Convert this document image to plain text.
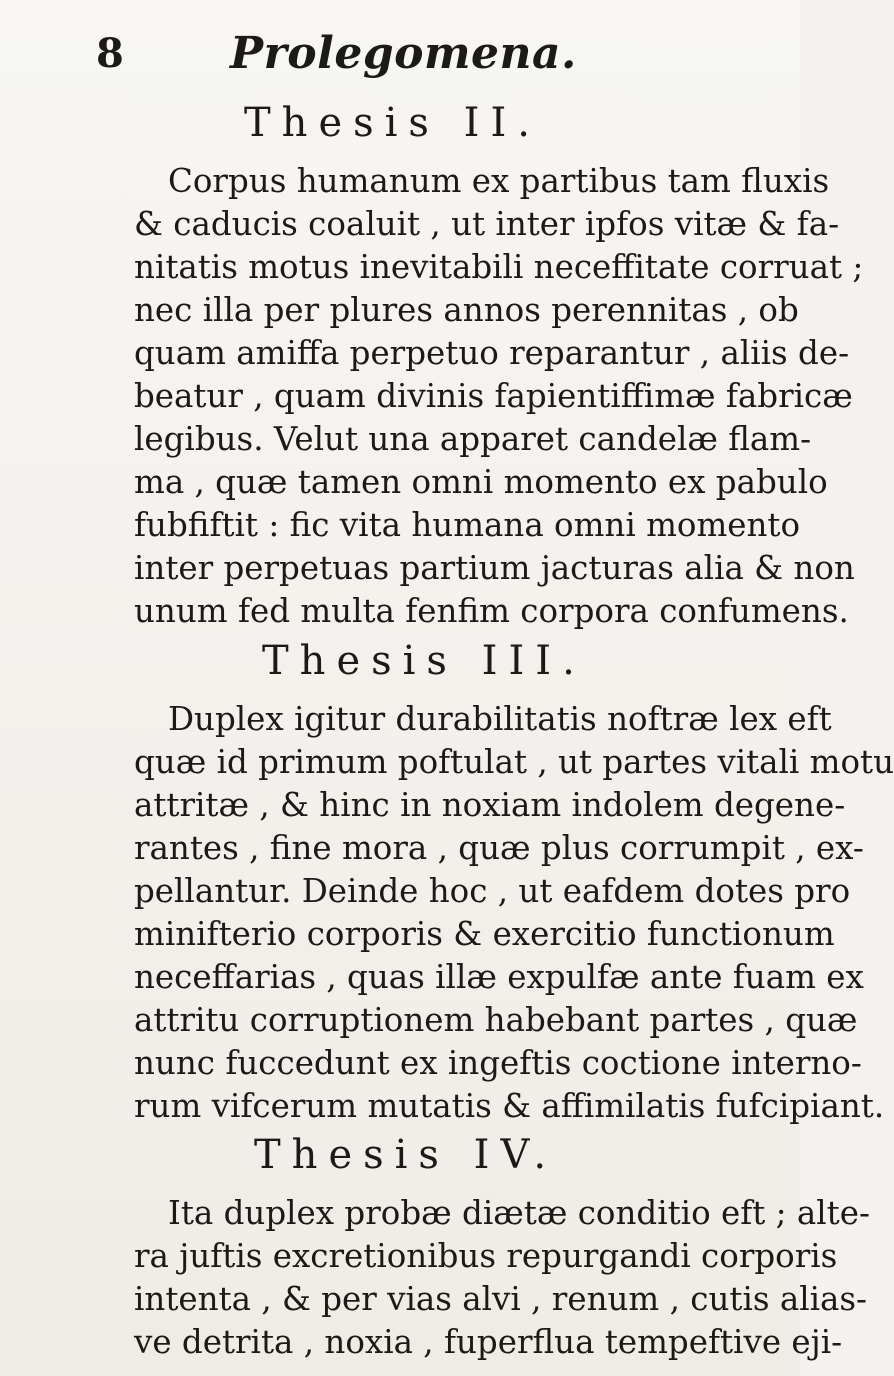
8 Prolegomena.
Thesis II.
Corpus humanum ex partibus tam fluxis
& caducis coaluit , ut inter ipfos vitæ & fa-
nitatis motus inevitabili neceffitate corruat ;
nec illa per plures annos perennitas , ob
quam amiffa perpetuo reparantur , aliis de-
beatur , quam divinis fapientiffimæ fabricæ
legibus. Velut una apparet candelæ flam-
ma , quæ tamen omni momento ex pabulo
fubfiftit : fic vita humana omni momento
inter perpetuas partium jacturas alia & non
unum fed multa fenfim corpora confumens.
Thesis III.
Duplex igitur durabilitatis noftræ lex eft
quæ id primum poftulat , ut partes vitali motu
attritæ , & hinc in noxiam indolem degene-
rantes , fine mora , quæ plus corrumpit , ex-
pellantur. Deinde hoc , ut eafdem dotes pro
minifterio corporis & exercitio functionum
neceffarias , quas illæ expulfæ ante fuam ex
attritu corruptionem habebant partes , quæ
nunc fuccedunt ex ingeftis coctione interno-
rum vifcerum mutatis & affimilatis fufcipiant.
Thesis IV.
Ita duplex probæ diætæ conditio eft ; alte-
ra juftis excretionibus repurgandi corporis
intenta , & per vias alvi , renum , cutis alias-
ve detrita , noxia , fuperflua tempeftive eji-
